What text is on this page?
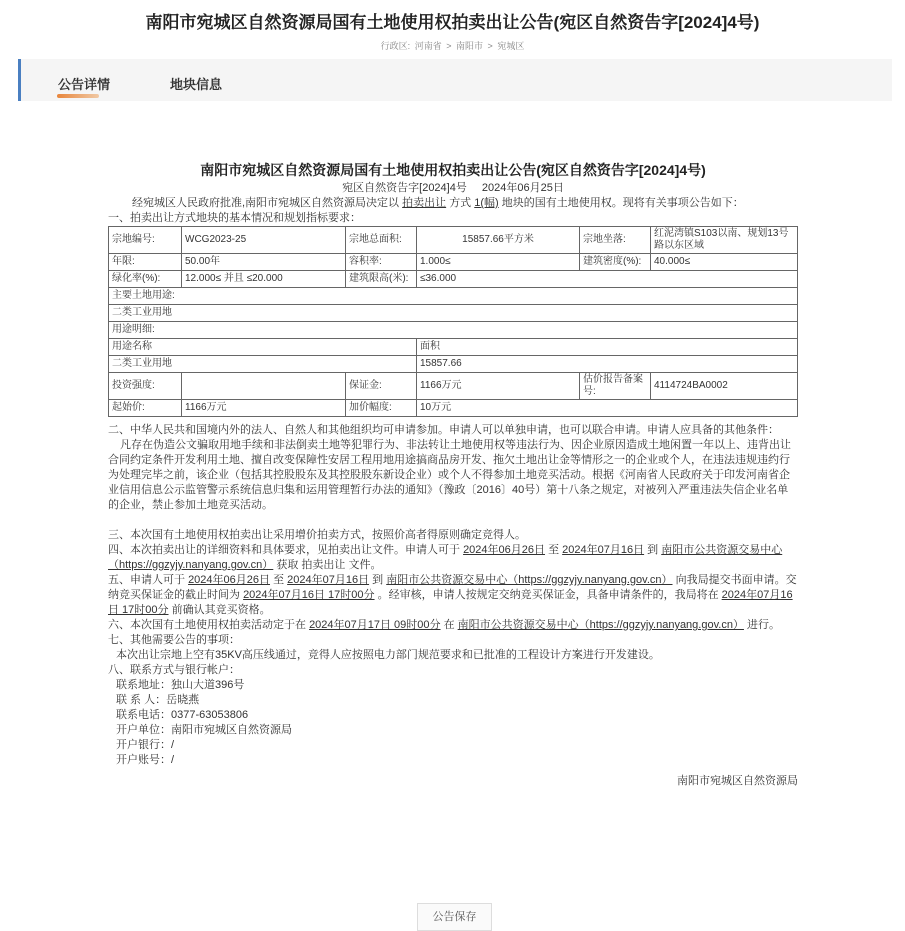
南阳市宛城区自然资源局国有土地使用权拍卖出让公告(宛区自然资告字[2024]4号)
行政区: 河南省 > 南阳市 > 宛城区
公告详情	地块信息
南阳市宛城区自然资源局国有土地使用权拍卖出让公告(宛区自然资告字[2024]4号)
宛区自然资告字[2024]4号 2024年06月25日

经宛城区人民政府批准,南阳市宛城区自然资源局决定以 拍卖出让 方式 1(幅) 地块的国有土地使用权。现将有关事项公告如下：

一、拍卖出让方式地块的基本情况和规划指标要求：

宗地编号:	WCG2023-25	宗地总面积:	15857.66平方米	宗地坐落:	红泥湾镇S103以南、规划13号路以东区域
年限:	50.00年	容积率:	1.000≤	建筑密度(%):	40.000≤
绿化率(%):	12.000≤ 并且 ≤20.000	建筑限高(米):	≤36.000		
主要土地用途:					
二类工业用地					
用途明细:					
用途名称			面积		
二类工业用地			15857.66		
投资强度:		保证金:	1166万元	估价报告备案号:	4114724BA0002
起始价:	1166万元	加价幅度:	10万元		

二、中华人民共和国境内外的法人、自然人和其他组织均可申请参加。申请人可以单独申请，也可以联合申请。申请人应具备的其他条件：

凡存在伪造公文骗取用地手续和非法倒卖土地等犯罪行为、非法转让土地使用权等违法行为、因企业原因造成土地闲置一年以上、违背出让合同约定条件开发利用土地、擅自改变保障性安居工程用地用途搞商品房开发、拖欠土地出让金等情形之一的企业或个人，在违法违规违约行为处理完毕之前，该企业（包括其控股股东及其控股股东新设企业）或个人不得参加土地竞买活动。根据《河南省人民政府关于印发河南省企业信用信息公示监管警示系统信息归集和运用管理暂行办法的通知》（豫政〔2016〕40号）第十八条之规定，对被列入严重违法失信企业名单的企业，禁止参加土地竞买活动。

三、本次国有土地使用权拍卖出让采用增价拍卖方式，按照价高者得原则确定竞得人。

四、本次拍卖出让的详细资料和具体要求，见拍卖出让文件。申请人可于 2024年06月26日 至 2024年07月16日 到 南阳市公共资源交易中心（https://ggzyjy.nanyang.gov.cn） 获取 拍卖出让 文件。

五、申请人可于 2024年06月26日 至 2024年07月16日 到 南阳市公共资源交易中心（https://ggzyjy.nanyang.gov.cn） 向我局提交书面申请。交纳竞买保证金的截止时间为 2024年07月16日 17时00分 。经审核，申请人按规定交纳竞买保证金，具备申请条件的，我局将在 2024年07月16日 17时00分 前确认其竞买资格。

六、本次国有土地使用权拍卖活动定于在 2024年07月17日 09时00分 在 南阳市公共资源交易中心（https://ggzyjy.nanyang.gov.cn） 进行。

七、其他需要公告的事项：

本次出让宗地上空有35KV高压线通过，竞得人应按照电力部门规范要求和已批准的工程设计方案进行开发建设。

八、联系方式与银行帐户：

联系地址：独山大道396号

联 系 人：岳晓燕

联系电话：0377-63053806

开户单位：南阳市宛城区自然资源局

开户银行：/

开户账号：/

南阳市宛城区自然资源局

公告保存
